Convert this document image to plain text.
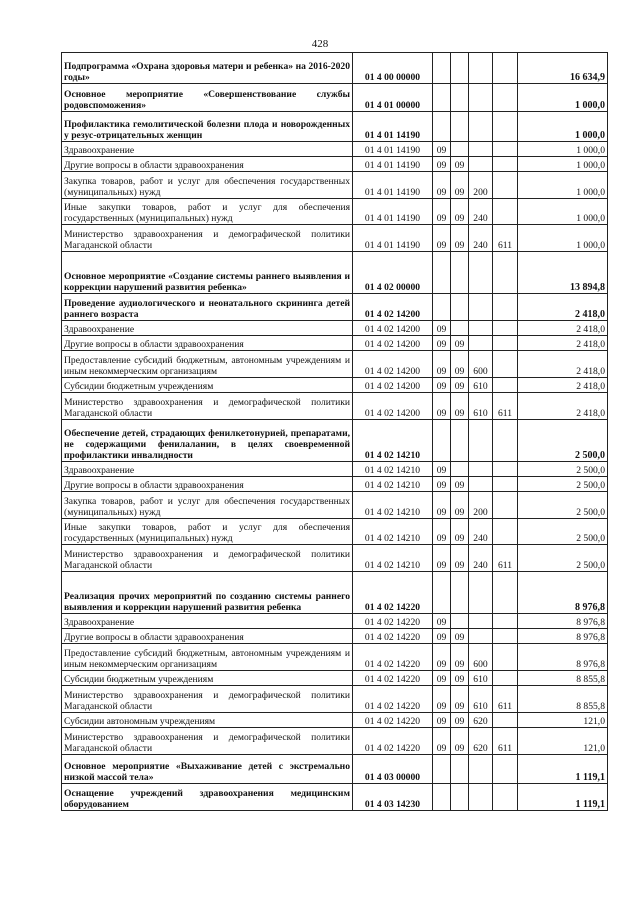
428
Подпрограмма «Охрана здоровья матери и ребенка» на 2016-2020 годы»	01 4 00 00000					16 634,9
Основное мероприятие «Совершенствование службы родовспоможения»	01 4 01 00000					1 000,0
Профилактика гемолитической болезни плода и новорожденных у резус-отрицательных женщин	01 4 01 14190					1 000,0
Здравоохранение	01 4 01 14190	09				1 000,0
Другие вопросы в области здравоохранения	01 4 01 14190	09	09			1 000,0
Закупка товаров, работ и услуг для обеспечения государственных (муниципальных) нужд	01 4 01 14190	09	09	200		1 000,0
Иные закупки товаров, работ и услуг для обеспечения государственных (муниципальных) нужд	01 4 01 14190	09	09	240		1 000,0
Министерство здравоохранения и демографической политики Магаданской области	01 4 01 14190	09	09	240	611	1 000,0
Основное мероприятие «Создание системы раннего выявления и коррекции нарушений развития ребенка»	01 4 02 00000					13 894,8
Проведение аудиологического и неонатального скрининга детей раннего возраста	01 4 02 14200					2 418,0
Здравоохранение	01 4 02 14200	09				2 418,0
Другие вопросы в области здравоохранения	01 4 02 14200	09	09			2 418,0
Предоставление субсидий бюджетным, автономным учреждениям и иным некоммерческим организациям	01 4 02 14200	09	09	600		2 418,0
Субсидии бюджетным учреждениям	01 4 02 14200	09	09	610		2 418,0
Министерство здравоохранения и демографической политики Магаданской области	01 4 02 14200	09	09	610	611	2 418,0
Обеспечение детей, страдающих фенилкетонурией, препаратами, не содержащими фенилаланин, в целях своевременной профилактики инвалидности	01 4 02 14210					2 500,0
Здравоохранение	01 4 02 14210	09				2 500,0
Другие вопросы в области здравоохранения	01 4 02 14210	09	09			2 500,0
Закупка товаров, работ и услуг для обеспечения государственных (муниципальных) нужд	01 4 02 14210	09	09	200		2 500,0
Иные закупки товаров, работ и услуг для обеспечения государственных (муниципальных) нужд	01 4 02 14210	09	09	240		2 500,0
Министерство здравоохранения и демографической политики Магаданской области	01 4 02 14210	09	09	240	611	2 500,0
Реализация прочих мероприятий по созданию системы раннего выявления и коррекции нарушений развития ребенка	01 4 02 14220					8 976,8
Здравоохранение	01 4 02 14220	09				8 976,8
Другие вопросы в области здравоохранения	01 4 02 14220	09	09			8 976,8
Предоставление субсидий бюджетным, автономным учреждениям и иным некоммерческим организациям	01 4 02 14220	09	09	600		8 976,8
Субсидии бюджетным учреждениям	01 4 02 14220	09	09	610		8 855,8
Министерство здравоохранения и демографической политики Магаданской области	01 4 02 14220	09	09	610	611	8 855,8
Субсидии автономным учреждениям	01 4 02 14220	09	09	620		121,0
Министерство здравоохранения и демографической политики Магаданской области	01 4 02 14220	09	09	620	611	121,0
Основное мероприятие «Выхаживание детей с экстремально низкой массой тела»	01 4 03 00000					1 119,1
Оснащение учреждений здравоохранения медицинским оборудованием	01 4 03 14230					1 119,1
